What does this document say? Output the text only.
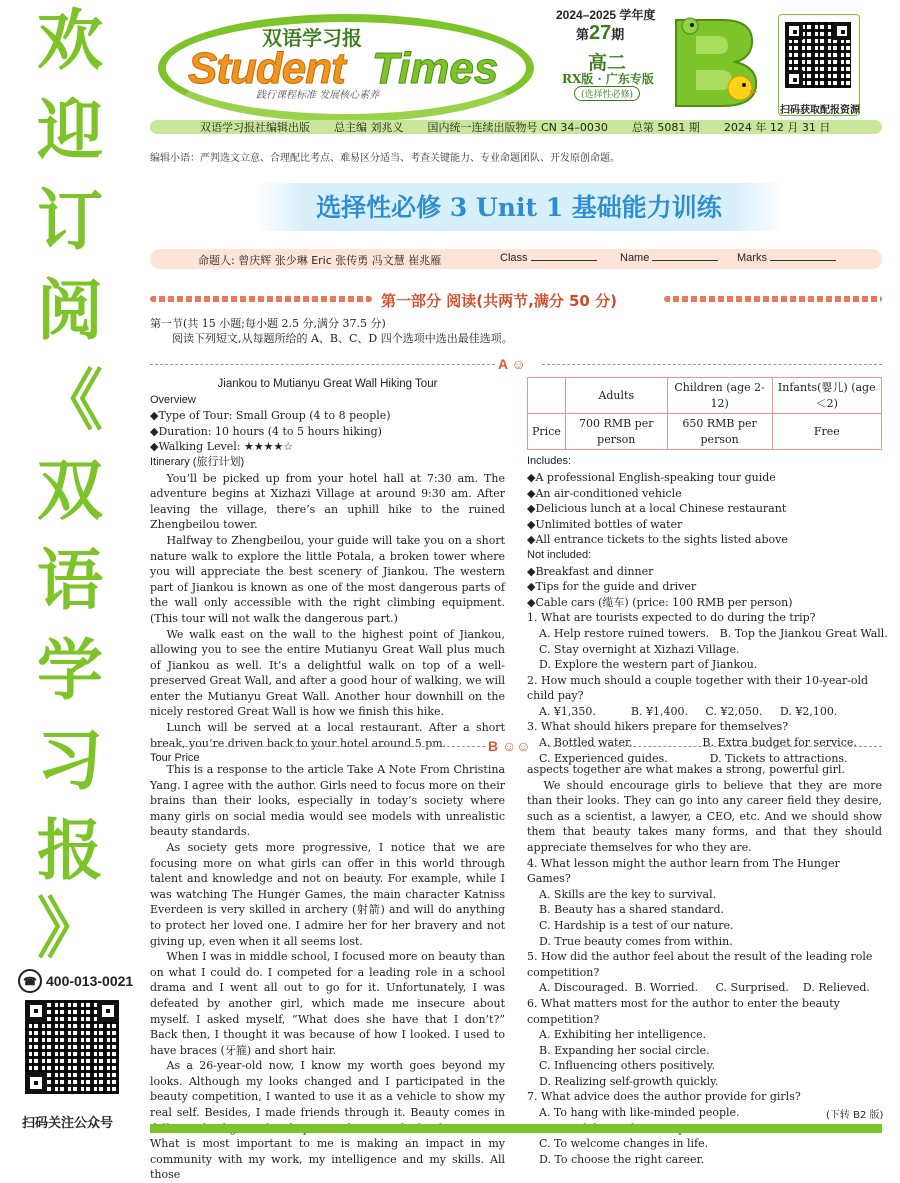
欢
迎
订
阅
《
双
语
学
习
报
》
☎ 400-013-0021
扫码关注公众号
双语学习报
Student Times
践行课程标准 发展核心素养
2024–2025 学年度
第27期
高二
RX版 · 广东专版
(选择性必修)
扫码获取配报资源
双语学习报社编辑出版 总主编 刘兆义 国内统一连续出版物号 CN 34–0030 总第 5081 期 2024 年 12 月 31 日
编辑小语：严判选文立意、合理配比考点、难易区分适当、考查关键能力、专业命题团队、开发原创命题。
选择性必修 3 Unit 1 基础能力训练
命题人: 曾庆辉 张少琳 Eric 张传勇 冯文慧 崔兆雁	Class	Name	Marks
第一部分 阅读(共两节,满分 50 分)
第一节(共 15 小题;每小题 2.5 分,满分 37.5 分)
阅读下列短文,从每题所给的 A、B、C、D 四个选项中选出最佳选项。
A ☺
Jiankou to Mutianyu Great Wall Hiking Tour
Overview
◆Type of Tour: Small Group (4 to 8 people)
◆Duration: 10 hours (4 to 5 hours hiking)
◆Walking Level: ★★★★☆
Itinerary (旅行计划)

You’ll be picked up from your hotel hall at 7:30 am. The adventure begins at Xizhazi Village at around 9:30 am. After leaving the village, there’s an uphill hike to the ruined Zhengbeilou tower.

Halfway to Zhengbeilou, your guide will take you on a short nature walk to explore the little Potala, a broken tower where you will appreciate the best scenery of Jiankou. The western part of Jiankou is known as one of the most dangerous parts of the wall only accessible with the right climbing equipment. (This tour will not walk the dangerous part.)

We walk east on the wall to the highest point of Jiankou, allowing you to see the entire Mutianyu Great Wall plus much of Jiankou as well. It’s a delightful walk on top of a well-preserved Great Wall, and after a good hour of walking, we will enter the Mutianyu Great Wall. Another hour downhill on the nicely restored Great Wall is how we finish this hike.

Lunch will be served at a local restaurant. After a short break, you’re driven back to your hotel around 5 pm.

Tour Price
	Adults	Children (age 2-12)	Infants(婴儿) (age＜2)
Price	700 RMB per person	650 RMB per person	Free
Includes:
◆A professional English-speaking tour guide
◆An air-conditioned vehicle
◆Delicious lunch at a local Chinese restaurant
◆Unlimited bottles of water
◆All entrance tickets to the sights listed above
Not included:
◆Breakfast and dinner
◆Tips for the guide and driver
◆Cable cars (缆车) (price: 100 RMB per person)
1. What are tourists expected to do during the trip?
A. Help restore ruined towers.   B. Top the Jiankou Great Wall.
C. Stay overnight at Xizhazi Village.
D. Explore the western part of Jiankou.
2. How much should a couple together with their 10-year-old child pay?
A. ¥1,350.          B. ¥1,400.     C. ¥2,050.     D. ¥2,100.
3. What should hikers prepare for themselves?
A. Bottled water.                    B. Extra budget for service.
C. Experienced guides.            D. Tickets to attractions.
B ☺☺

This is a response to the article Take A Note From Christina Yang. I agree with the author. Girls need to focus more on their brains than their looks, especially in today’s society where many girls on social media would see models with unrealistic beauty standards.

As society gets more progressive, I notice that we are focusing more on what girls can offer in this world through talent and knowledge and not on beauty. For example, while I was watching The Hunger Games, the main character Katniss Everdeen is very skilled in archery (射箭) and will do anything to protect her loved one. I admire her for her bravery and not giving up, even when it all seems lost.

When I was in middle school, I focused more on beauty than on what I could do. I competed for a leading role in a school drama and I went all out to go for it. Unfortunately, I was defeated by another girl, which made me insecure about myself. I asked myself, “What does she have that I don’t?” Back then, I thought it was because of how I looked. I used to have braces (牙箍) and short hair.

As a 26-year-old now, I know my worth goes beyond my looks. Although my looks changed and I participated in the beauty competition, I wanted to use it as a vehicle to show my real self. Besides, I made friends through it. Beauty comes in What is most important to me is making an impact in my community with my work, my intelligence and my skills. All those

aspects together are what makes a strong, powerful girl.

We should encourage girls to believe that they are more than their looks. They can go into any career field they desire, such as a scientist, a lawyer, a CEO, etc. And we should show them that beauty takes many forms, and that they should appreciate themselves for who they are.

4. What lesson might the author learn from The Hunger Games?
A. Skills are the key to survival.
B. Beauty has a shared standard.
C. Hardship is a test of our nature.
D. True beauty comes from within.
5. How did the author feel about the result of the leading role competition?
A. Discouraged.  B. Worried.     C. Surprised.    D. Relieved.
6. What matters most for the author to enter the beauty competition?
A. Exhibiting her intelligence.
B. Expanding her social circle.
C. Influencing others positively.
D. Realizing self-growth quickly.
7. What advice does the author provide for girls?
A. To hang with like-minded people.
C. To welcome changes in life.
D. To choose the right career.
(下转 B2 版)
